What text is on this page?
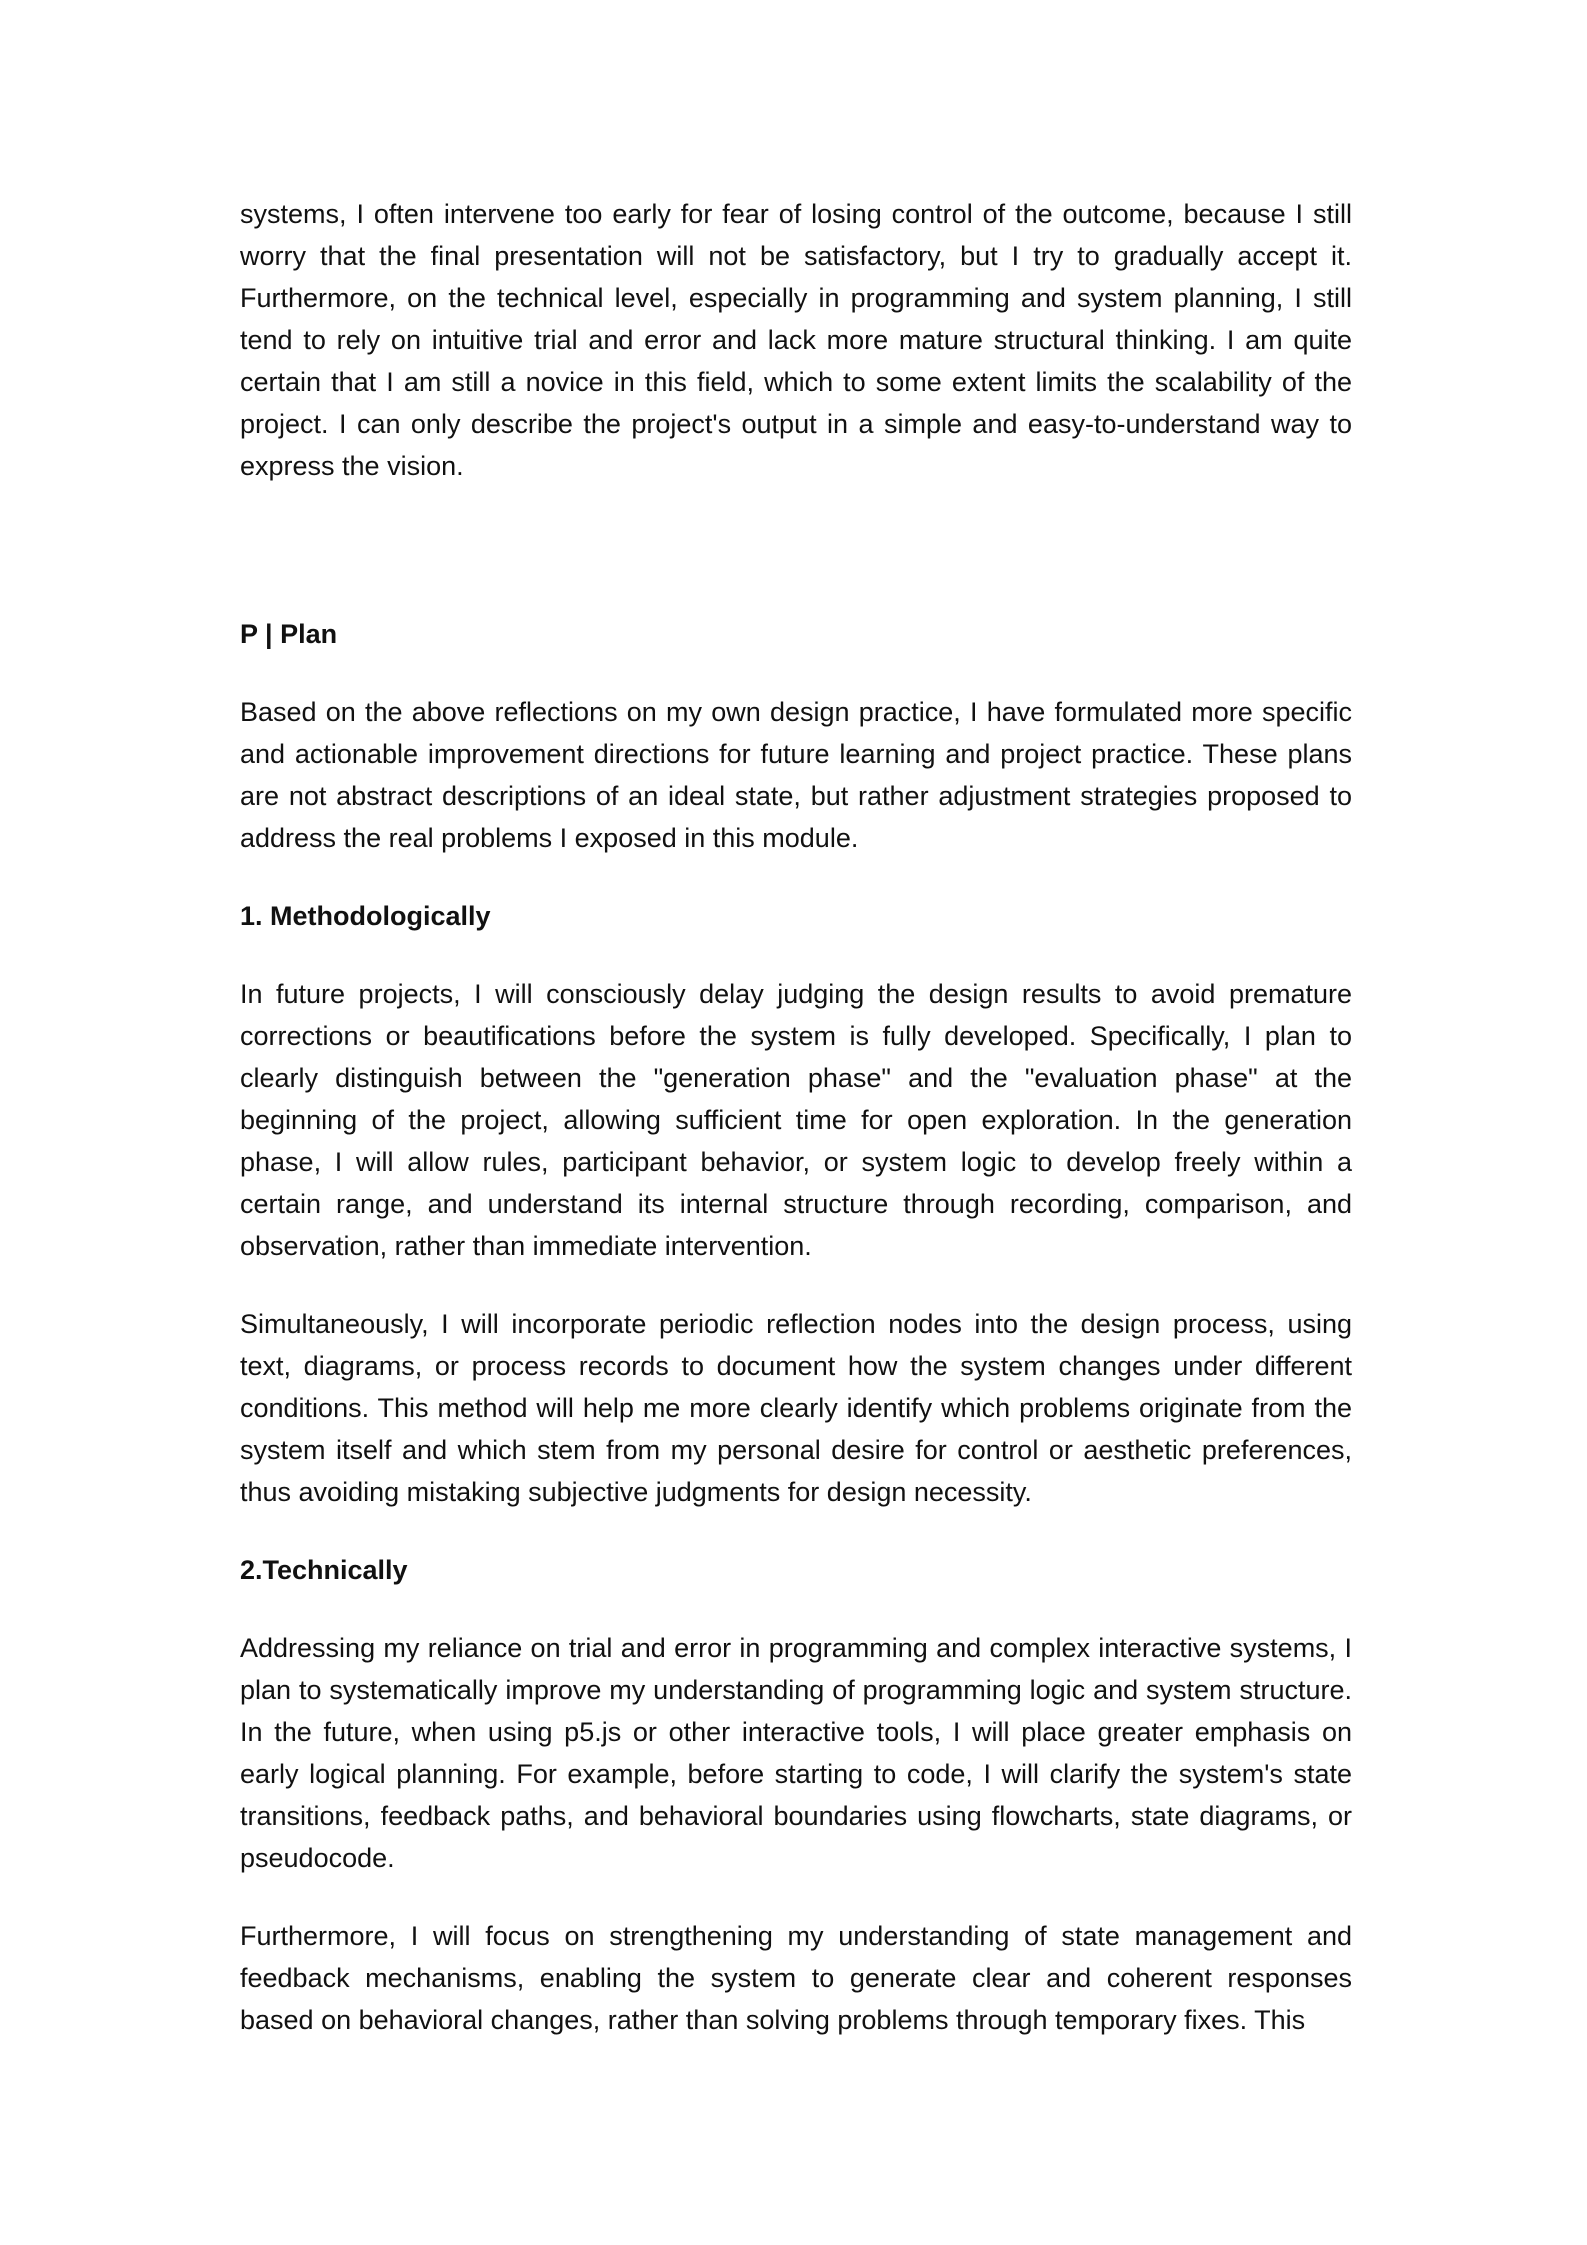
systems, I often intervene too early for fear of losing control of the outcome, because I still worry that the final presentation will not be satisfactory, but I try to gradually accept it. Furthermore, on the technical level, especially in programming and system planning, I still tend to rely on intuitive trial and error and lack more mature structural thinking. I am quite certain that I am still a novice in this field, which to some extent limits the scalability of the project. I can only describe the project's output in a simple and easy-to-understand way to express the vision.

P | Plan

Based on the above reflections on my own design practice, I have formulated more specific and actionable improvement directions for future learning and project practice. These plans are not abstract descriptions of an ideal state, but rather adjustment strategies proposed to address the real problems I exposed in this module.

1. Methodologically

In future projects, I will consciously delay judging the design results to avoid premature corrections or beautifications before the system is fully developed. Specifically, I plan to clearly distinguish between the "generation phase" and the "evaluation phase" at the beginning of the project, allowing sufficient time for open exploration. In the generation phase, I will allow rules, participant behavior, or system logic to develop freely within a certain range, and understand its internal structure through recording, comparison, and observation, rather than immediate intervention.

Simultaneously, I will incorporate periodic reflection nodes into the design process, using text, diagrams, or process records to document how the system changes under different conditions. This method will help me more clearly identify which problems originate from the system itself and which stem from my personal desire for control or aesthetic preferences, thus avoiding mistaking subjective judgments for design necessity.

2.Technically

Addressing my reliance on trial and error in programming and complex interactive systems, I plan to systematically improve my understanding of programming logic and system structure. In the future, when using p5.js or other interactive tools, I will place greater emphasis on early logical planning. For example, before starting to code, I will clarify the system's state transitions, feedback paths, and behavioral boundaries using flowcharts, state diagrams, or pseudocode.

Furthermore, I will focus on strengthening my understanding of state management and feedback mechanisms, enabling the system to generate clear and coherent responses based on behavioral changes, rather than solving problems through temporary fixes. This
